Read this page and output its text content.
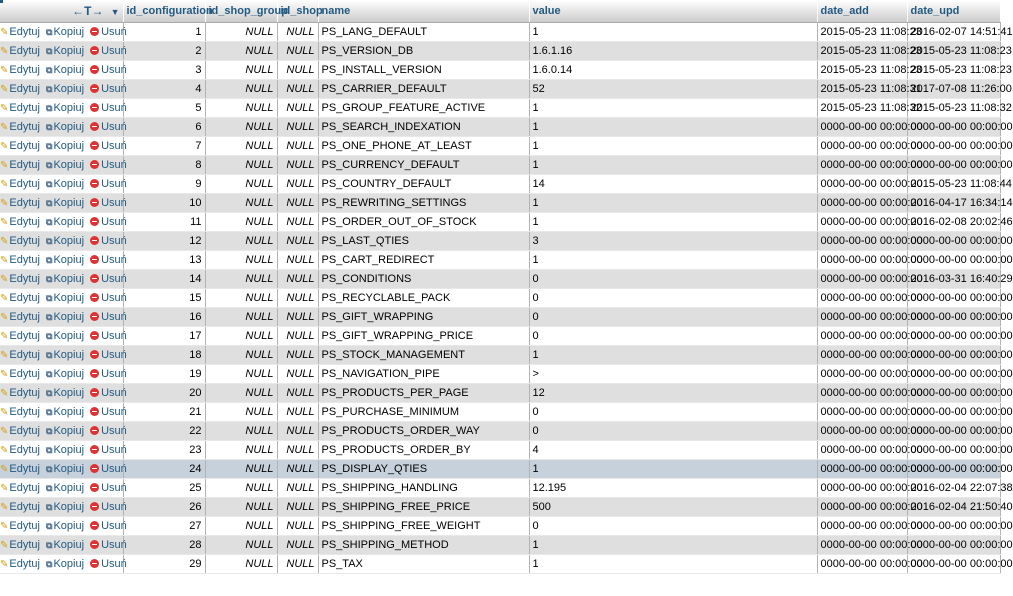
←T→ ▼	id_configuration	id_shop_group	id_shop	name	value	date_add	date_upd
✎Edytuj ⧉Kopiuj Usuń	1	NULL	NULL	PS_LANG_DEFAULT	1	2015-05-23 11:08:23	2016-02-07 14:51:41
✎Edytuj ⧉Kopiuj Usuń	2	NULL	NULL	PS_VERSION_DB	1.6.1.16	2015-05-23 11:08:23	2015-05-23 11:08:23
✎Edytuj ⧉Kopiuj Usuń	3	NULL	NULL	PS_INSTALL_VERSION	1.6.0.14	2015-05-23 11:08:23	2015-05-23 11:08:23
✎Edytuj ⧉Kopiuj Usuń	4	NULL	NULL	PS_CARRIER_DEFAULT	52	2015-05-23 11:08:31	2017-07-08 11:26:00
✎Edytuj ⧉Kopiuj Usuń	5	NULL	NULL	PS_GROUP_FEATURE_ACTIVE	1	2015-05-23 11:08:32	2015-05-23 11:08:32
✎Edytuj ⧉Kopiuj Usuń	6	NULL	NULL	PS_SEARCH_INDEXATION	1	0000-00-00 00:00:00	0000-00-00 00:00:00
✎Edytuj ⧉Kopiuj Usuń	7	NULL	NULL	PS_ONE_PHONE_AT_LEAST	1	0000-00-00 00:00:00	0000-00-00 00:00:00
✎Edytuj ⧉Kopiuj Usuń	8	NULL	NULL	PS_CURRENCY_DEFAULT	1	0000-00-00 00:00:00	0000-00-00 00:00:00
✎Edytuj ⧉Kopiuj Usuń	9	NULL	NULL	PS_COUNTRY_DEFAULT	14	0000-00-00 00:00:00	2015-05-23 11:08:44
✎Edytuj ⧉Kopiuj Usuń	10	NULL	NULL	PS_REWRITING_SETTINGS	1	0000-00-00 00:00:00	2016-04-17 16:34:14
✎Edytuj ⧉Kopiuj Usuń	11	NULL	NULL	PS_ORDER_OUT_OF_STOCK	1	0000-00-00 00:00:00	2016-02-08 20:02:46
✎Edytuj ⧉Kopiuj Usuń	12	NULL	NULL	PS_LAST_QTIES	3	0000-00-00 00:00:00	0000-00-00 00:00:00
✎Edytuj ⧉Kopiuj Usuń	13	NULL	NULL	PS_CART_REDIRECT	1	0000-00-00 00:00:00	0000-00-00 00:00:00
✎Edytuj ⧉Kopiuj Usuń	14	NULL	NULL	PS_CONDITIONS	0	0000-00-00 00:00:00	2016-03-31 16:40:29
✎Edytuj ⧉Kopiuj Usuń	15	NULL	NULL	PS_RECYCLABLE_PACK	0	0000-00-00 00:00:00	0000-00-00 00:00:00
✎Edytuj ⧉Kopiuj Usuń	16	NULL	NULL	PS_GIFT_WRAPPING	0	0000-00-00 00:00:00	0000-00-00 00:00:00
✎Edytuj ⧉Kopiuj Usuń	17	NULL	NULL	PS_GIFT_WRAPPING_PRICE	0	0000-00-00 00:00:00	0000-00-00 00:00:00
✎Edytuj ⧉Kopiuj Usuń	18	NULL	NULL	PS_STOCK_MANAGEMENT	1	0000-00-00 00:00:00	0000-00-00 00:00:00
✎Edytuj ⧉Kopiuj Usuń	19	NULL	NULL	PS_NAVIGATION_PIPE	>	0000-00-00 00:00:00	0000-00-00 00:00:00
✎Edytuj ⧉Kopiuj Usuń	20	NULL	NULL	PS_PRODUCTS_PER_PAGE	12	0000-00-00 00:00:00	0000-00-00 00:00:00
✎Edytuj ⧉Kopiuj Usuń	21	NULL	NULL	PS_PURCHASE_MINIMUM	0	0000-00-00 00:00:00	0000-00-00 00:00:00
✎Edytuj ⧉Kopiuj Usuń	22	NULL	NULL	PS_PRODUCTS_ORDER_WAY	0	0000-00-00 00:00:00	0000-00-00 00:00:00
✎Edytuj ⧉Kopiuj Usuń	23	NULL	NULL	PS_PRODUCTS_ORDER_BY	4	0000-00-00 00:00:00	0000-00-00 00:00:00
✎Edytuj ⧉Kopiuj Usuń	24	NULL	NULL	PS_DISPLAY_QTIES	1	0000-00-00 00:00:00	0000-00-00 00:00:00
✎Edytuj ⧉Kopiuj Usuń	25	NULL	NULL	PS_SHIPPING_HANDLING	12.195	0000-00-00 00:00:00	2016-02-04 22:07:38
✎Edytuj ⧉Kopiuj Usuń	26	NULL	NULL	PS_SHIPPING_FREE_PRICE	500	0000-00-00 00:00:00	2016-02-04 21:50:40
✎Edytuj ⧉Kopiuj Usuń	27	NULL	NULL	PS_SHIPPING_FREE_WEIGHT	0	0000-00-00 00:00:00	0000-00-00 00:00:00
✎Edytuj ⧉Kopiuj Usuń	28	NULL	NULL	PS_SHIPPING_METHOD	1	0000-00-00 00:00:00	0000-00-00 00:00:00
✎Edytuj ⧉Kopiuj Usuń	29	NULL	NULL	PS_TAX	1	0000-00-00 00:00:00	0000-00-00 00:00:00
